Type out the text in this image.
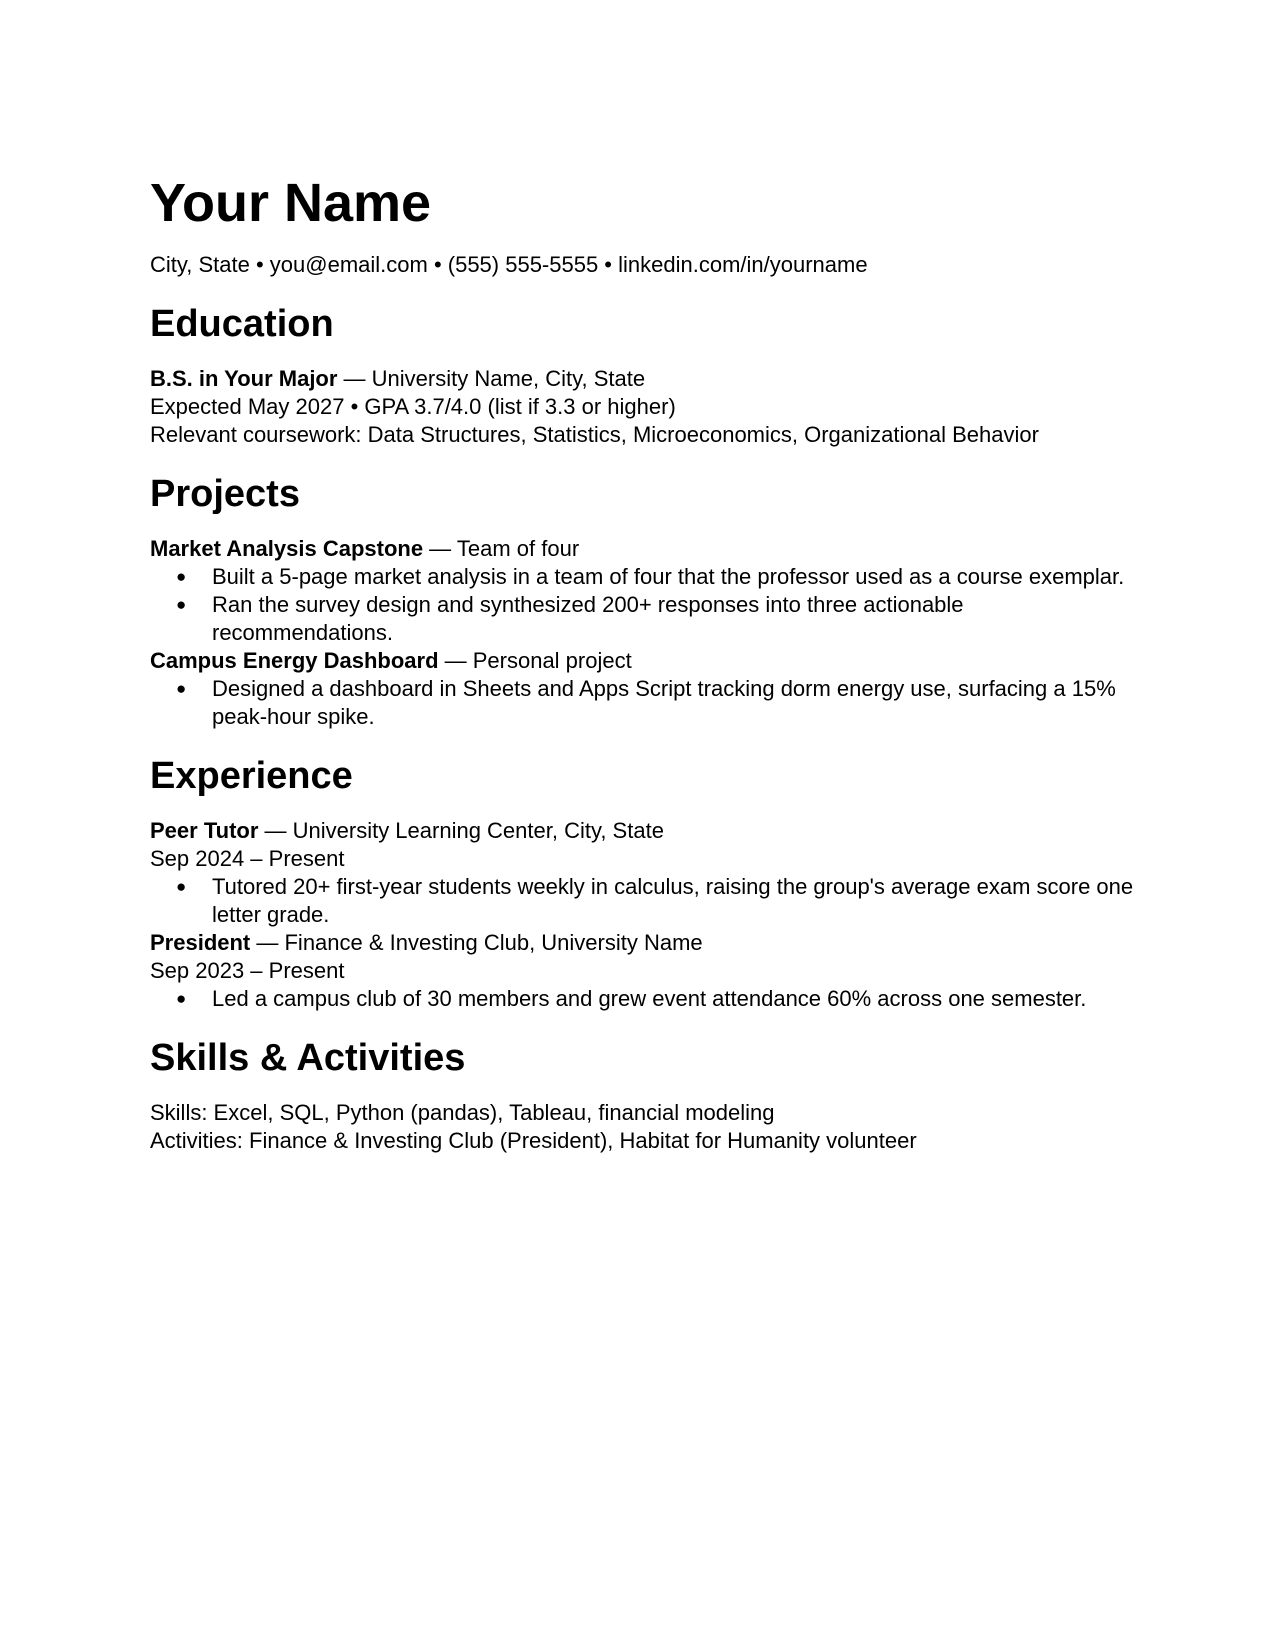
Your Name
City, State • you@email.com • (555) 555-5555 • linkedin.com/in/yourname
Education
B.S. in Your Major — University Name, City, State
Expected May 2027 • GPA 3.7/4.0 (list if 3.3 or higher)
Relevant coursework: Data Structures, Statistics, Microeconomics, Organizational Behavior
Projects
Market Analysis Capstone — Team of four
● Built a 5-page market analysis in a team of four that the professor used as a course exemplar.
● Ran the survey design and synthesized 200+ responses into three actionable recommendations.
Campus Energy Dashboard — Personal project
● Designed a dashboard in Sheets and Apps Script tracking dorm energy use, surfacing a 15% peak-hour spike.
Experience
Peer Tutor — University Learning Center, City, State
Sep 2024 – Present
● Tutored 20+ first-year students weekly in calculus, raising the group's average exam score one letter grade.
President — Finance & Investing Club, University Name
Sep 2023 – Present
● Led a campus club of 30 members and grew event attendance 60% across one semester.
Skills & Activities
Skills: Excel, SQL, Python (pandas), Tableau, financial modeling
Activities: Finance & Investing Club (President), Habitat for Humanity volunteer
